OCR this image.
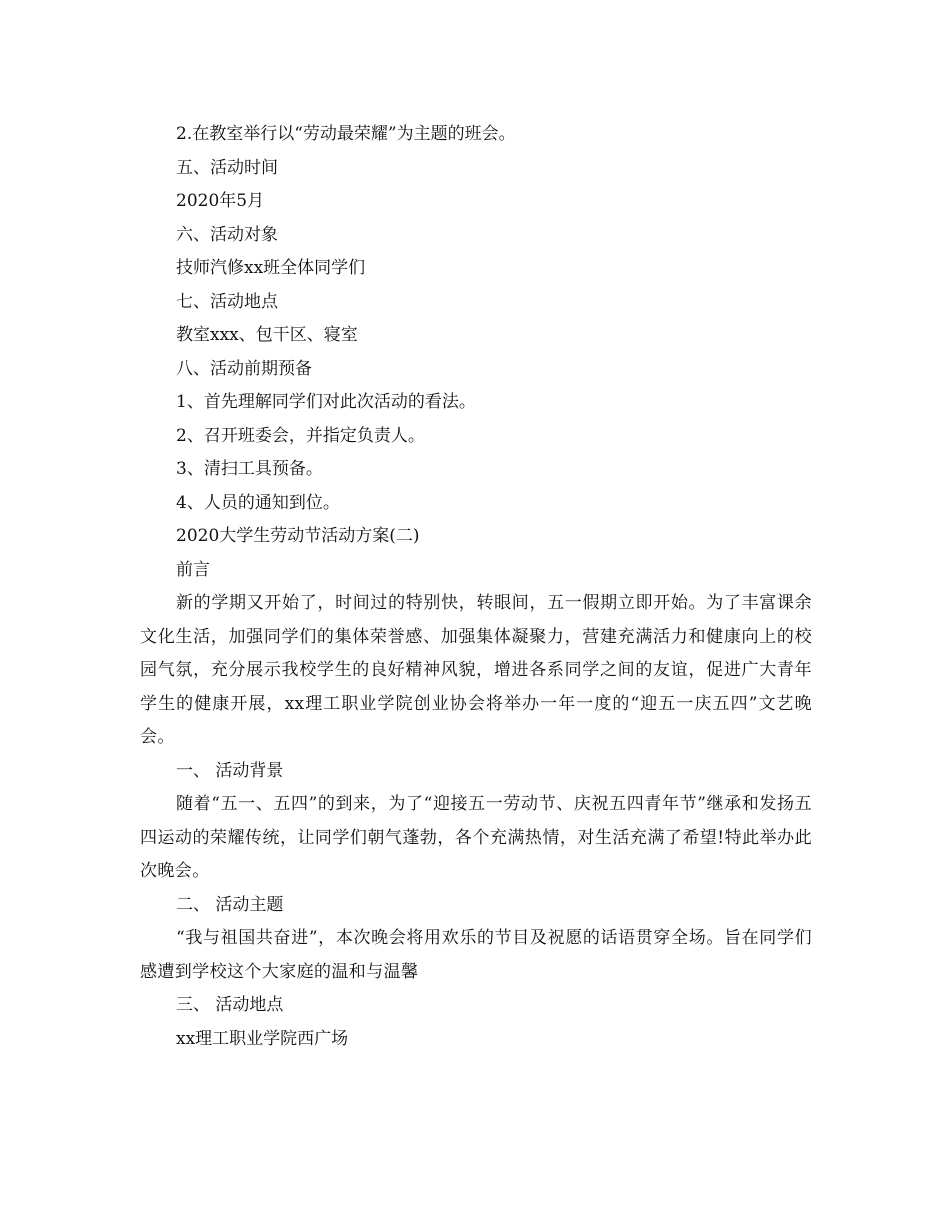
2.在教室举行以“劳动最荣耀”为主题的班会。
五、活动时间
2020年5月
六、活动对象
技师汽修xx班全体同学们
七、活动地点
教室xxx、包干区、寝室
八、活动前期预备
1、首先理解同学们对此次活动的看法。
2、召开班委会，并指定负责人。
3、清扫工具预备。
4、人员的通知到位。
2020大学生劳动节活动方案(二)
前言

新的学期又开始了，时间过的特别快，转眼间，五一假期立即开始。为了丰富课余文化生活，加强同学们的集体荣誉感、加强集体凝聚力，营建充满活力和健康向上的校园气氛，充分展示我校学生的良好精神风貌，增进各系同学之间的友谊，促进广大青年学生的健康开展，xx理工职业学院创业协会将举办一年一度的“迎五一庆五四”文艺晚会。

一、 活动背景

随着“五一、五四”的到来，为了“迎接五一劳动节、庆祝五四青年节”继承和发扬五四运动的荣耀传统，让同学们朝气蓬勃，各个充满热情，对生活充满了希望!特此举办此次晚会。

二、 活动主题

“我与祖国共奋进”，本次晚会将用欢乐的节目及祝愿的话语贯穿全场。旨在同学们感遭到学校这个大家庭的温和与温馨

三、 活动地点
xx理工职业学院西广场
